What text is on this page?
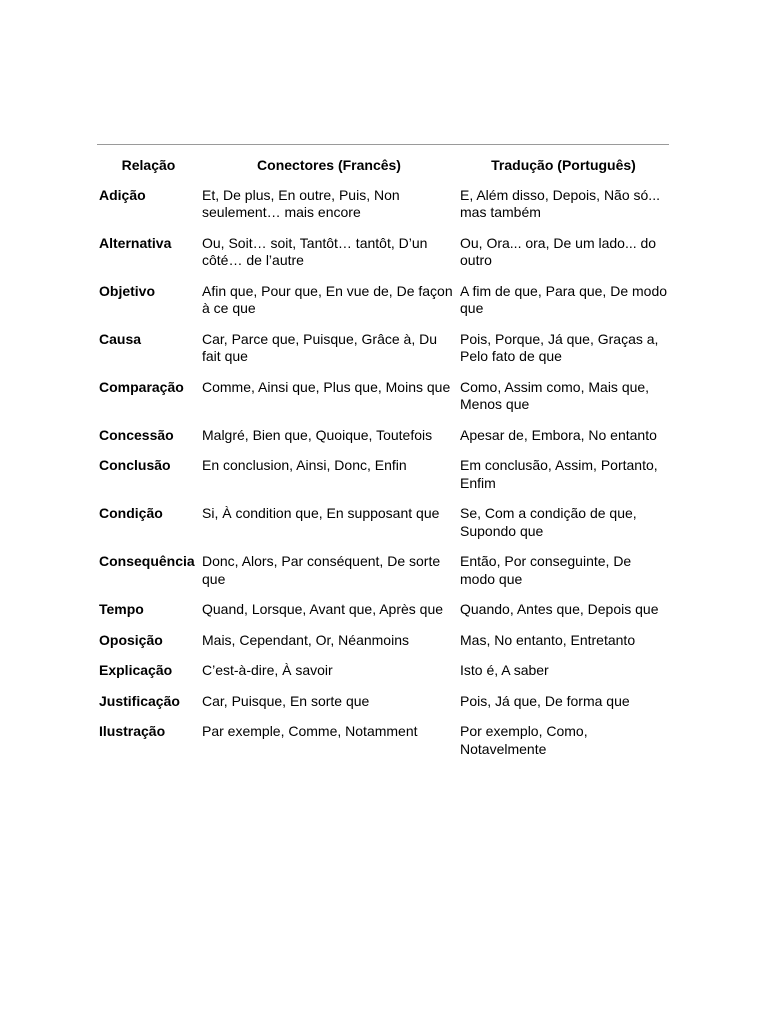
Relação	Conectores (Francês)	Tradução (Português)
Adição	Et, De plus, En outre, Puis, Non seulement… mais encore	E, Além disso, Depois, Não só... mas também
Alternativa	Ou, Soit… soit, Tantôt… tantôt, D’un côté… de l’autre	Ou, Ora... ora, De um lado... do outro
Objetivo	Afin que, Pour que, En vue de, De façon à ce que	A fim de que, Para que, De modo que
Causa	Car, Parce que, Puisque, Grâce à, Du fait que	Pois, Porque, Já que, Graças a, Pelo fato de que
Comparação	Comme, Ainsi que, Plus que, Moins que	Como, Assim como, Mais que, Menos que
Concessão	Malgré, Bien que, Quoique, Toutefois	Apesar de, Embora, No entanto
Conclusão	En conclusion, Ainsi, Donc, Enfin	Em conclusão, Assim, Portanto, Enfim
Condição	Si, À condition que, En supposant que	Se, Com a condição de que, Supondo que
Consequência	Donc, Alors, Par conséquent, De sorte que	Então, Por conseguinte, De modo que
Tempo	Quand, Lorsque, Avant que, Après que	Quando, Antes que, Depois que
Oposição	Mais, Cependant, Or, Néanmoins	Mas, No entanto, Entretanto
Explicação	C’est-à-dire, À savoir	Isto é, A saber
Justificação	Car, Puisque, En sorte que	Pois, Já que, De forma que
Ilustração	Par exemple, Comme, Notamment	Por exemplo, Como, Notavelmente
